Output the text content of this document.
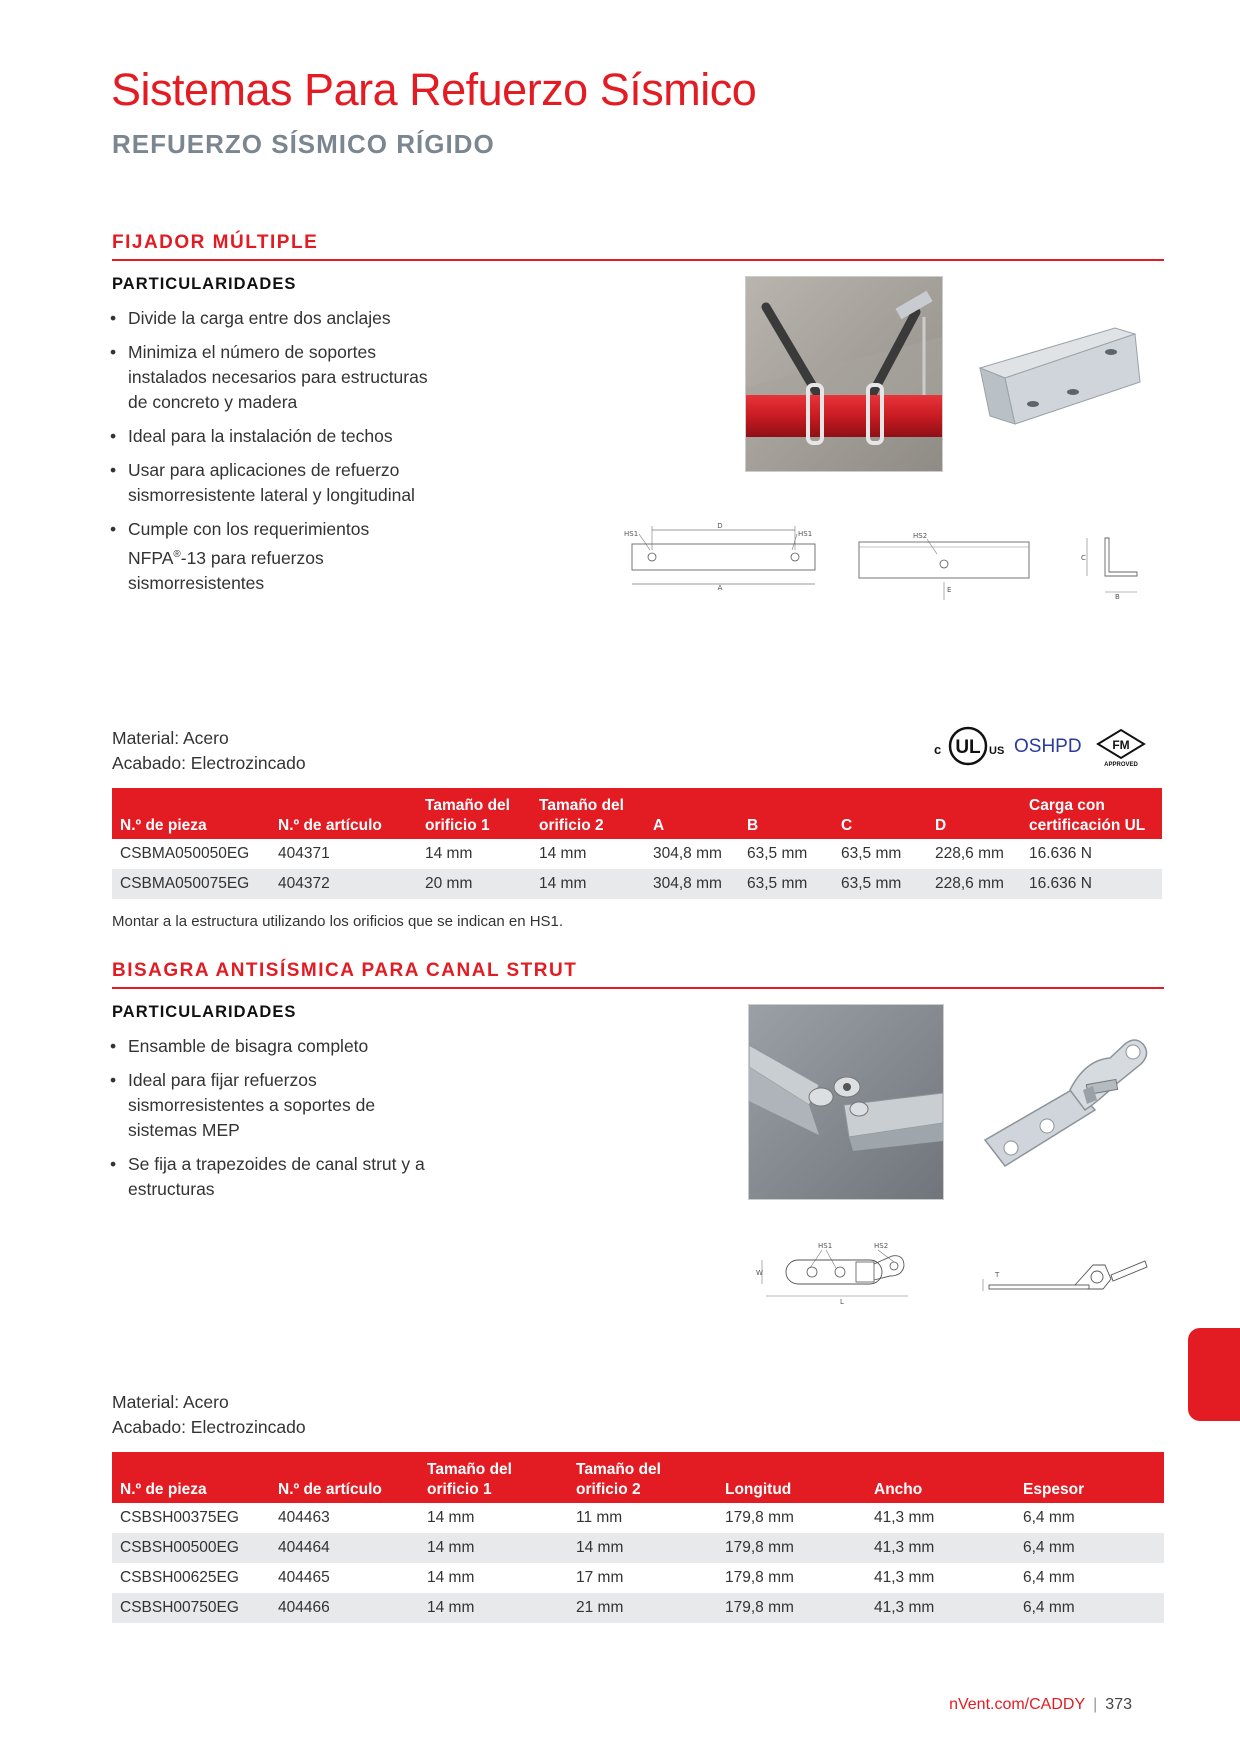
Sistemas Para Refuerzo Sísmico
REFUERZO SÍSMICO RÍGIDO
FIJADOR MÚLTIPLE
PARTICULARIDADES
• Divide la carga entre dos anclajes
• Minimiza el número de soportes instalados necesarios para estructuras de concreto y madera
• Ideal para la instalación de techos
• Usar para aplicaciones de refuerzo sismorresistente lateral y longitudinal
• Cumple con los requerimientos NFPA®-13 para refuerzos sismorresistentes
D
HS1	HS1
A
HS2
E
C
B
Material: Acero
Acabado: Electrozincado
c UL US OSHPD	FM
APPROVED
N.º de pieza	N.º de artículo	Tamaño del orificio 1	Tamaño del orificio 2	A	B	C	D	Carga con certificación UL
CSBMA050050EG	404371	14 mm	14 mm	304,8 mm	63,5 mm	63,5 mm	228,6 mm	16.636 N
CSBMA050075EG	404372	20 mm	14 mm	304,8 mm	63,5 mm	63,5 mm	228,6 mm	16.636 N
Montar a la estructura utilizando los orificios que se indican en HS1.
BISAGRA ANTISÍSMICA PARA CANAL STRUT
PARTICULARIDADES
• Ensamble de bisagra completo
• Ideal para fijar refuerzos sismorresistentes a soportes de sistemas MEP
• Se fija a trapezoides de canal strut y a estructuras
HS1	HS2
W
L
T
Material: Acero
Acabado: Electrozincado
N.º de pieza	N.º de artículo	Tamaño del orificio 1	Tamaño del orificio 2	Longitud	Ancho	Espesor
CSBSH00375EG	404463	14 mm	11 mm	179,8 mm	41,3 mm	6,4 mm
CSBSH00500EG	404464	14 mm	14 mm	179,8 mm	41,3 mm	6,4 mm
CSBSH00625EG	404465	14 mm	17 mm	179,8 mm	41,3 mm	6,4 mm
CSBSH00750EG	404466	14 mm	21 mm	179,8 mm	41,3 mm	6,4 mm
nVent.com/CADDY | 373
